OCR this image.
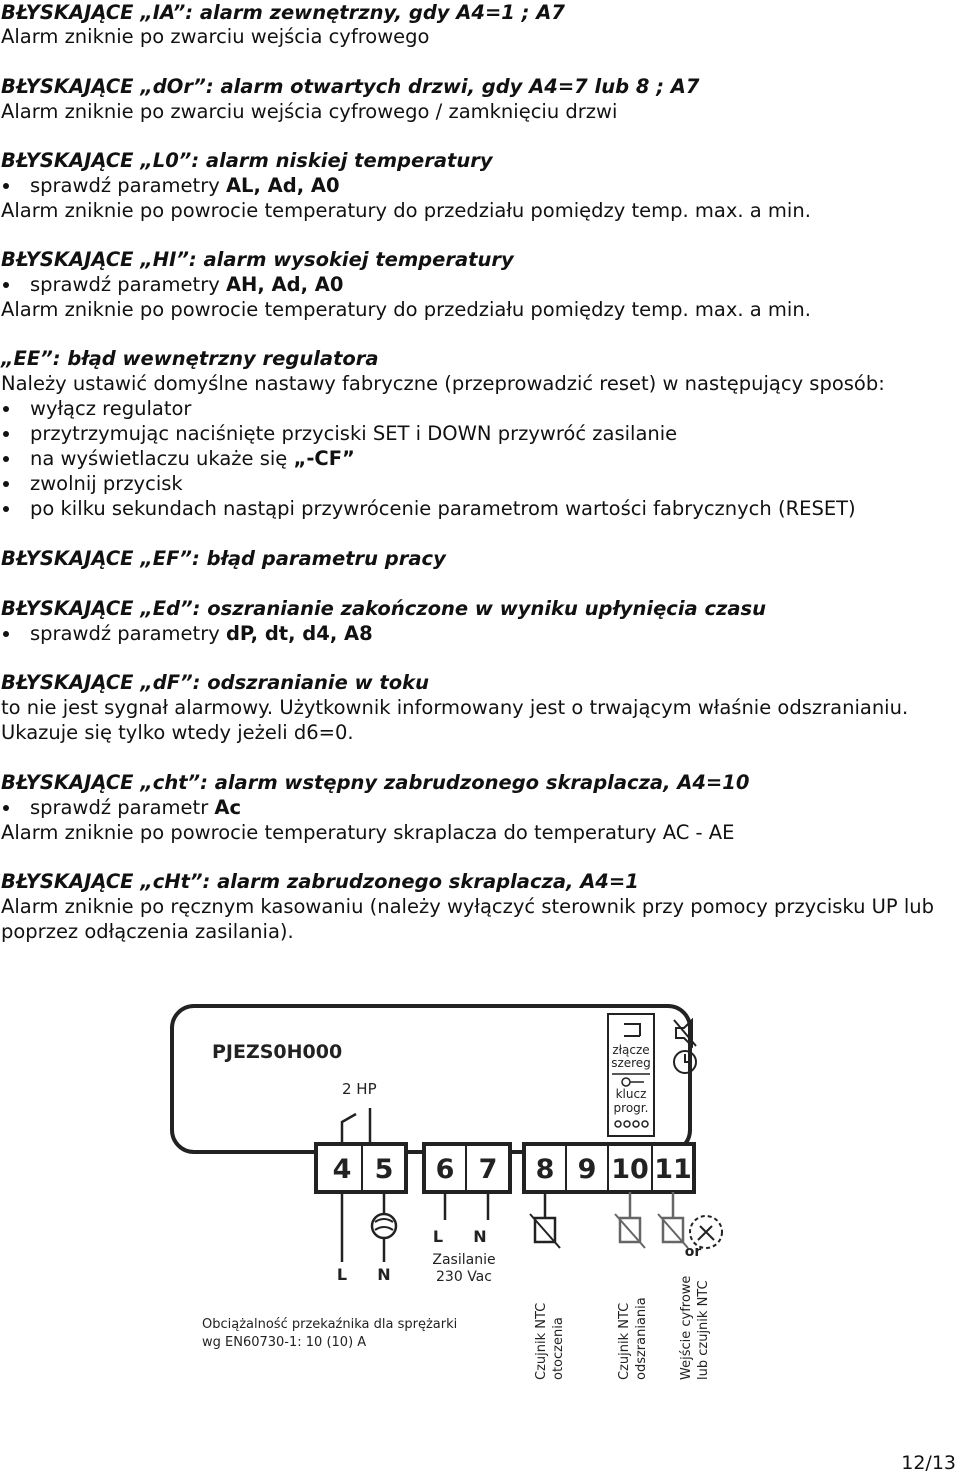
BŁYSKAJĄCE „IA”: alarm zewnętrzny, gdy A4=1 ; A7
Alarm zniknie po zwarciu wejścia cyfrowego
BŁYSKAJĄCE „dOr”: alarm otwartych drzwi, gdy A4=7 lub 8 ; A7
Alarm zniknie po zwarciu wejścia cyfrowego / zamknięciu drzwi
BŁYSKAJĄCE „L0”: alarm niskiej temperatury
sprawdź parametry AL, Ad, A0
Alarm zniknie po powrocie temperatury do przedziału pomiędzy temp. max. a min.
BŁYSKAJĄCE „HI”: alarm wysokiej temperatury
sprawdź parametry AH, Ad, A0
Alarm zniknie po powrocie temperatury do przedziału pomiędzy temp. max. a min.
„EE”: błąd wewnętrzny regulatora
Należy ustawić domyślne nastawy fabryczne (przeprowadzić reset) w następujący sposób:
wyłącz regulator
przytrzymując naciśnięte przyciski SET i DOWN przywróć zasilanie
na wyświetlaczu ukaże się „-CF”
zwolnij przycisk
po kilku sekundach nastąpi przywrócenie parametrom wartości fabrycznych (RESET)
BŁYSKAJĄCE „EF”: błąd parametru pracy
BŁYSKAJĄCE „Ed”: oszranianie zakończone w wyniku upłynięcia czasu
sprawdź parametry dP, dt, d4, A8
BŁYSKAJĄCE „dF”: odszranianie w toku
to nie jest sygnał alarmowy. Użytkownik informowany jest o trwającym właśnie odszranianiu. Ukazuje się tylko wtedy jeżeli d6=0.
BŁYSKAJĄCE „cht”: alarm wstępny zabrudzonego skraplacza, A4=10
sprawdź parametr Ac
Alarm zniknie po powrocie temperatury skraplacza do temperatury AC - AE
BŁYSKAJĄCE „cHt”: alarm zabrudzonego skraplacza, A4=1
Alarm zniknie po ręcznym kasowaniu (należy wyłączyć sterownik przy pomocy przycisku UP lub poprzez odłączenia zasilania).
PJEZS0H000
2 HP
złącze
szereg
klucz
progr.
4 5 6 7 8 9 10 11
L N
L N
Zasilanie
230 Vac
or
Obciążalność przekaźnika dla sprężarki
wg EN60730-1: 10 (10) A	Czujnik NTC otoczenia	Czujnik NTC odszraniania Wejście cyfrowe lub czujnik NTC
12/13
